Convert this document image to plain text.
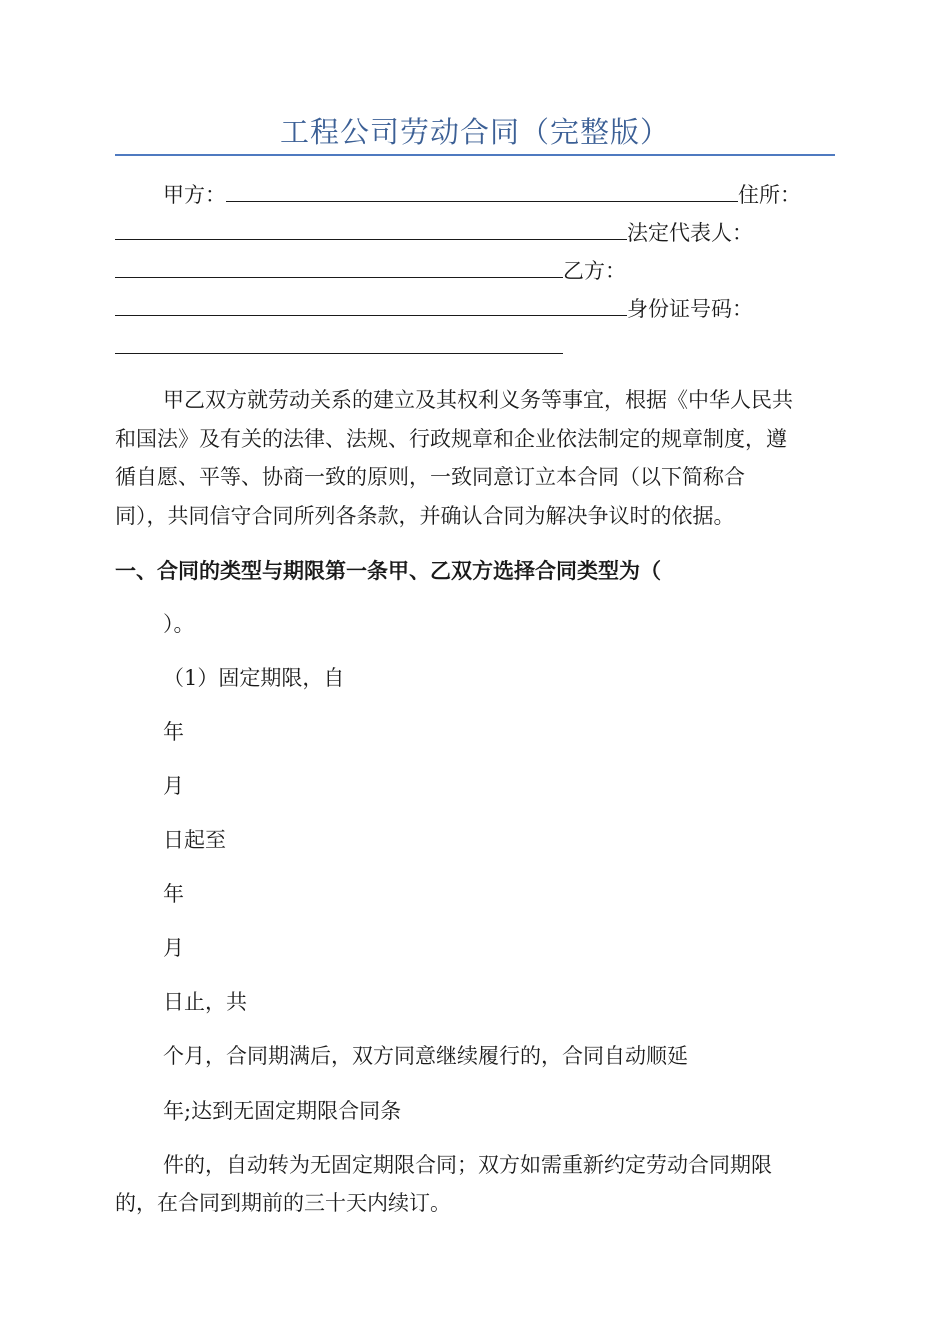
工程公司劳动合同（完整版）
甲方：	住所：
法定代表人：
乙方：
身份证号码：
甲乙双方就劳动关系的建立及其权利义务等事宜，根据《中华人民共
和国法》及有关的法律、法规、行政规章和企业依法制定的规章制度，遵
循自愿、平等、协商一致的原则，一致同意订立本合同（以下简称合
同），共同信守合同所列各条款，并确认合同为解决争议时的依据。
一、合同的类型与期限第一条甲、乙双方选择合同类型为（
）。
（1）固定期限，自
年
月
日起至
年
月
日止，共
个月，合同期满后，双方同意继续履行的，合同自动顺延
年;达到无固定期限合同条
件的，自动转为无固定期限合同；双方如需重新约定劳动合同期限
的，在合同到期前的三十天内续订。
